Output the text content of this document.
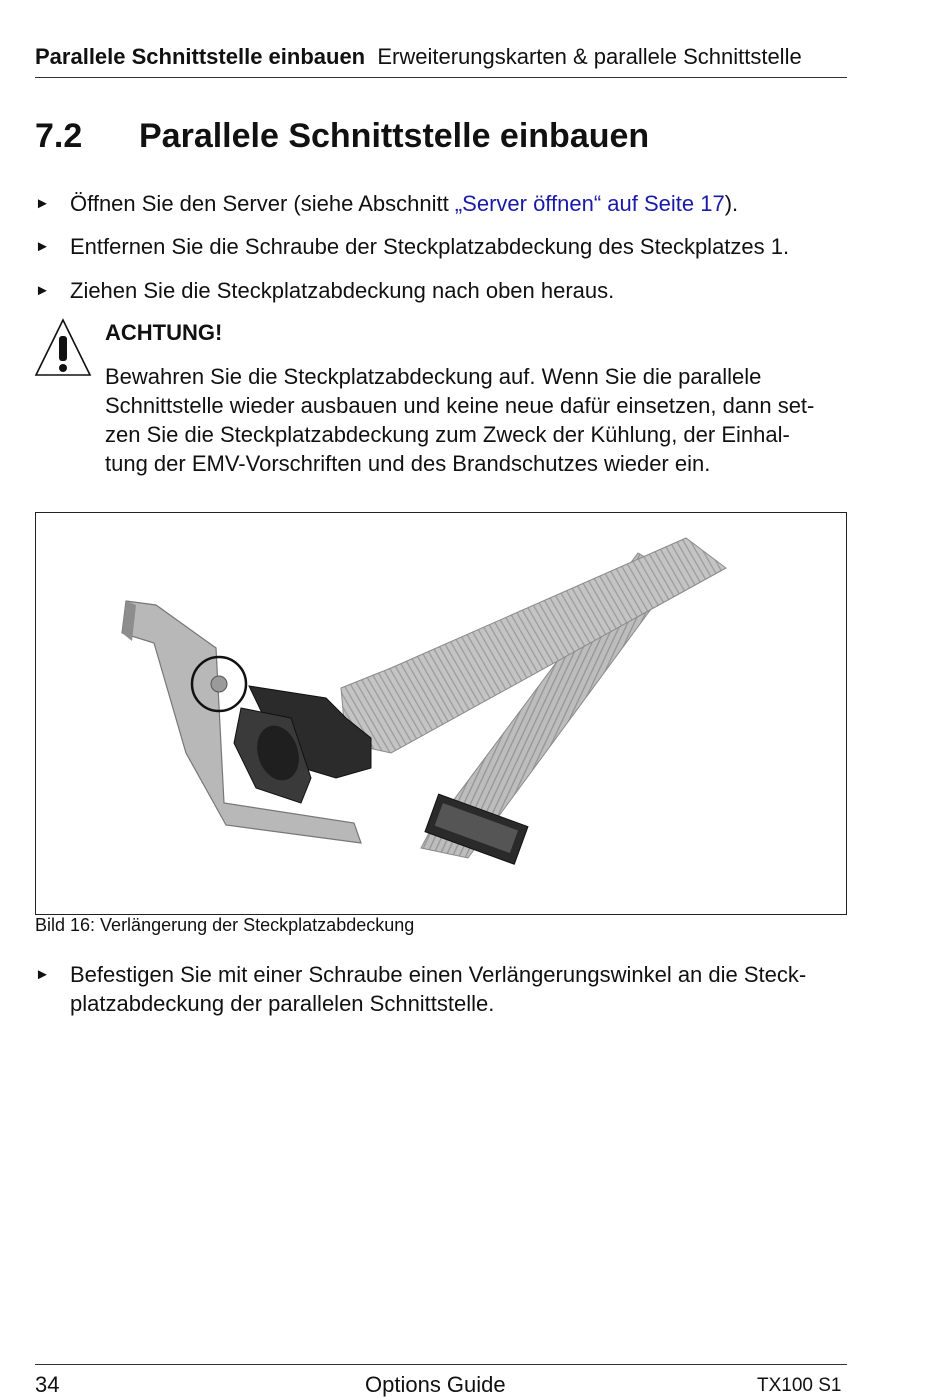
Parallele Schnittstelle einbauen Erweiterungskarten & parallele Schnittstelle
7.2 Parallele Schnittstelle einbauen
► Öffnen Sie den Server (siehe Abschnitt „Server öffnen“ auf Seite 17).
► Entfernen Sie die Schraube der Steckplatzabdeckung des Steckplatzes 1.
► Ziehen Sie die Steckplatzabdeckung nach oben heraus.
ACHTUNG!
Bewahren Sie die Steckplatzabdeckung auf. Wenn Sie die parallele
Schnittstelle wieder ausbauen und keine neue dafür einsetzen, dann set-
zen Sie die Steckplatzabdeckung zum Zweck der Kühlung, der Einhal-
tung der EMV-Vorschriften und des Brandschutzes wieder ein.
Bild 16: Verlängerung der Steckplatzabdeckung
► Befestigen Sie mit einer Schraube einen Verlängerungswinkel an die Steck-
platzabdeckung der parallelen Schnittstelle.
34	Options Guide	TX100 S1
